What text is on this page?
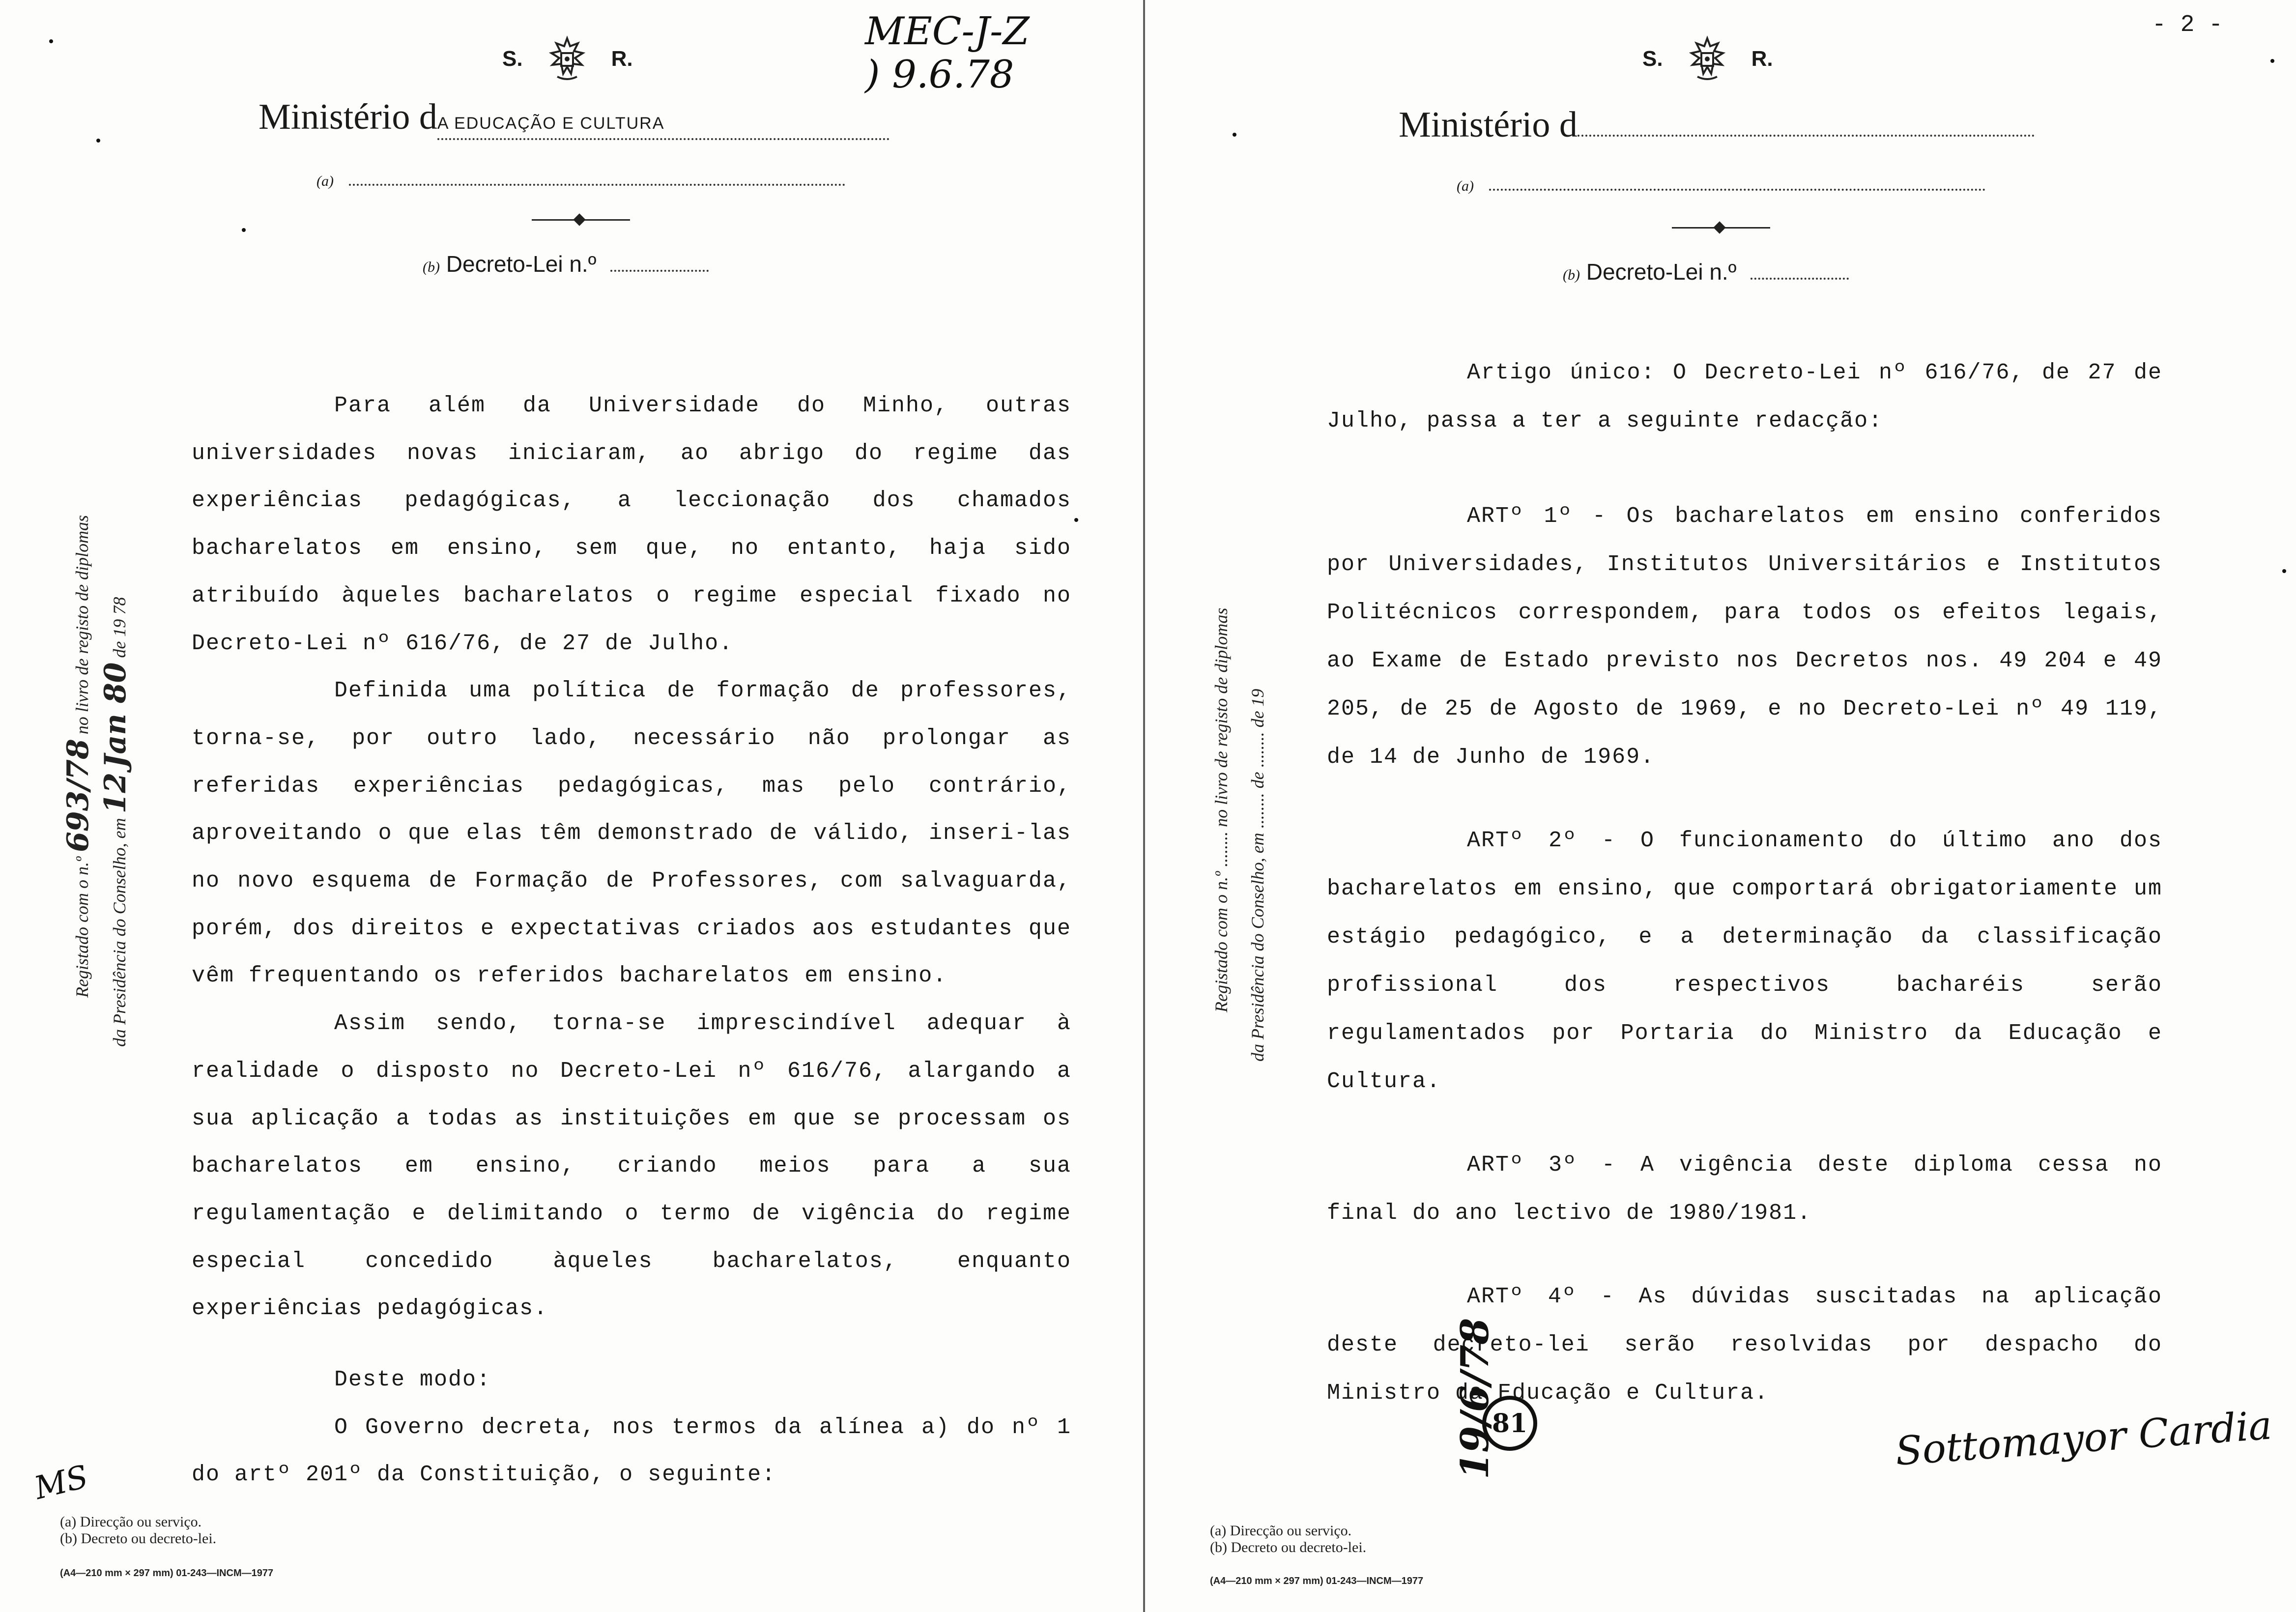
S.	R.
Ministério dA EDUCAÇÃO E CULTURA
(a)
(b) Decreto-Lei n.º
MEC-J-Z
) 9.6.78
Registado com o n.º 693/78 no livro de registo de diplomas
da Presidência do Conselho, em 12 Jan 80 de 19 78

Para além da Universidade do Minho, outras universidades novas iniciaram, ao abrigo do regime das experiências pedagógicas, a leccionação dos chamados bacharelatos em ensino, sem que, no entanto, haja sido atribuído àqueles bacharelatos o regime especial fixado no Decreto-Lei nº 616/76, de 27 de Julho.

Definida uma política de formação de professores, torna-se, por outro lado, necessário não prolongar as referidas experiências pedagógicas, mas pelo contrário, aproveitando o que elas têm demonstrado de válido, inseri-las no novo esquema de Formação de Professores, com salvaguarda, porém, dos direitos e expectativas criados aos estudantes que vêm frequentando os referidos bacharelatos em ensino.

Assim sendo, torna-se imprescindível adequar à realidade o disposto no Decreto-Lei nº 616/76, alargando a sua aplicação a todas as instituições em que se processam os bacharelatos em ensino, criando meios para a sua regulamentação e delimitando o termo de vigência do regime especial concedido àqueles bacharelatos, enquanto experiências pedagógicas.

Deste modo:

O Governo decreta, nos termos da alínea a) do nº 1 do artº 201º da Constituição, o seguinte:

MS
(a) Direcção ou serviço.
(b) Decreto ou decreto-lei.
(A4—210 mm × 297 mm) 01-243—INCM—1977
- 2 -
S.	R.
Ministério d
(a)
(b) Decreto-Lei n.º
Registado com o n.º ........ no livro de registo de diplomas da Presidência do Conselho, em ........ de ........ de 19

Artigo único: O Decreto-Lei nº 616/76, de 27 de Julho, passa a ter a seguinte redacção:

ARTº 1º - Os bacharelatos em ensino conferidos por Universidades, Institutos Universitários e Institutos Politécnicos correspondem, para todos os efeitos legais, ao Exame de Estado previsto nos Decretos nos. 49 204 e 49 205, de 25 de Agosto de 1969, e no Decreto-Lei nº 49 119, de 14 de Junho de 1969.

ARTº 2º - O funcionamento do último ano dos bacharelatos em ensino, que comportará obrigatoriamente um estágio pedagógico, e a determinação da classificação profissional dos respectivos bacharéis serão regulamentados por Portaria do Ministro da Educação e Cultura.

ARTº 3º - A vigência deste diploma cessa no final do ano lectivo de 1980/1981.

ARTº 4º - As dúvidas suscitadas na aplicação deste decreto-lei serão resolvidas por despacho do Ministro da Educação e Cultura.

Sottomayor Cardia
19/6/78
81
(a) Direcção ou serviço.
(b) Decreto ou decreto-lei.
(A4—210 mm × 297 mm) 01-243—INCM—1977
